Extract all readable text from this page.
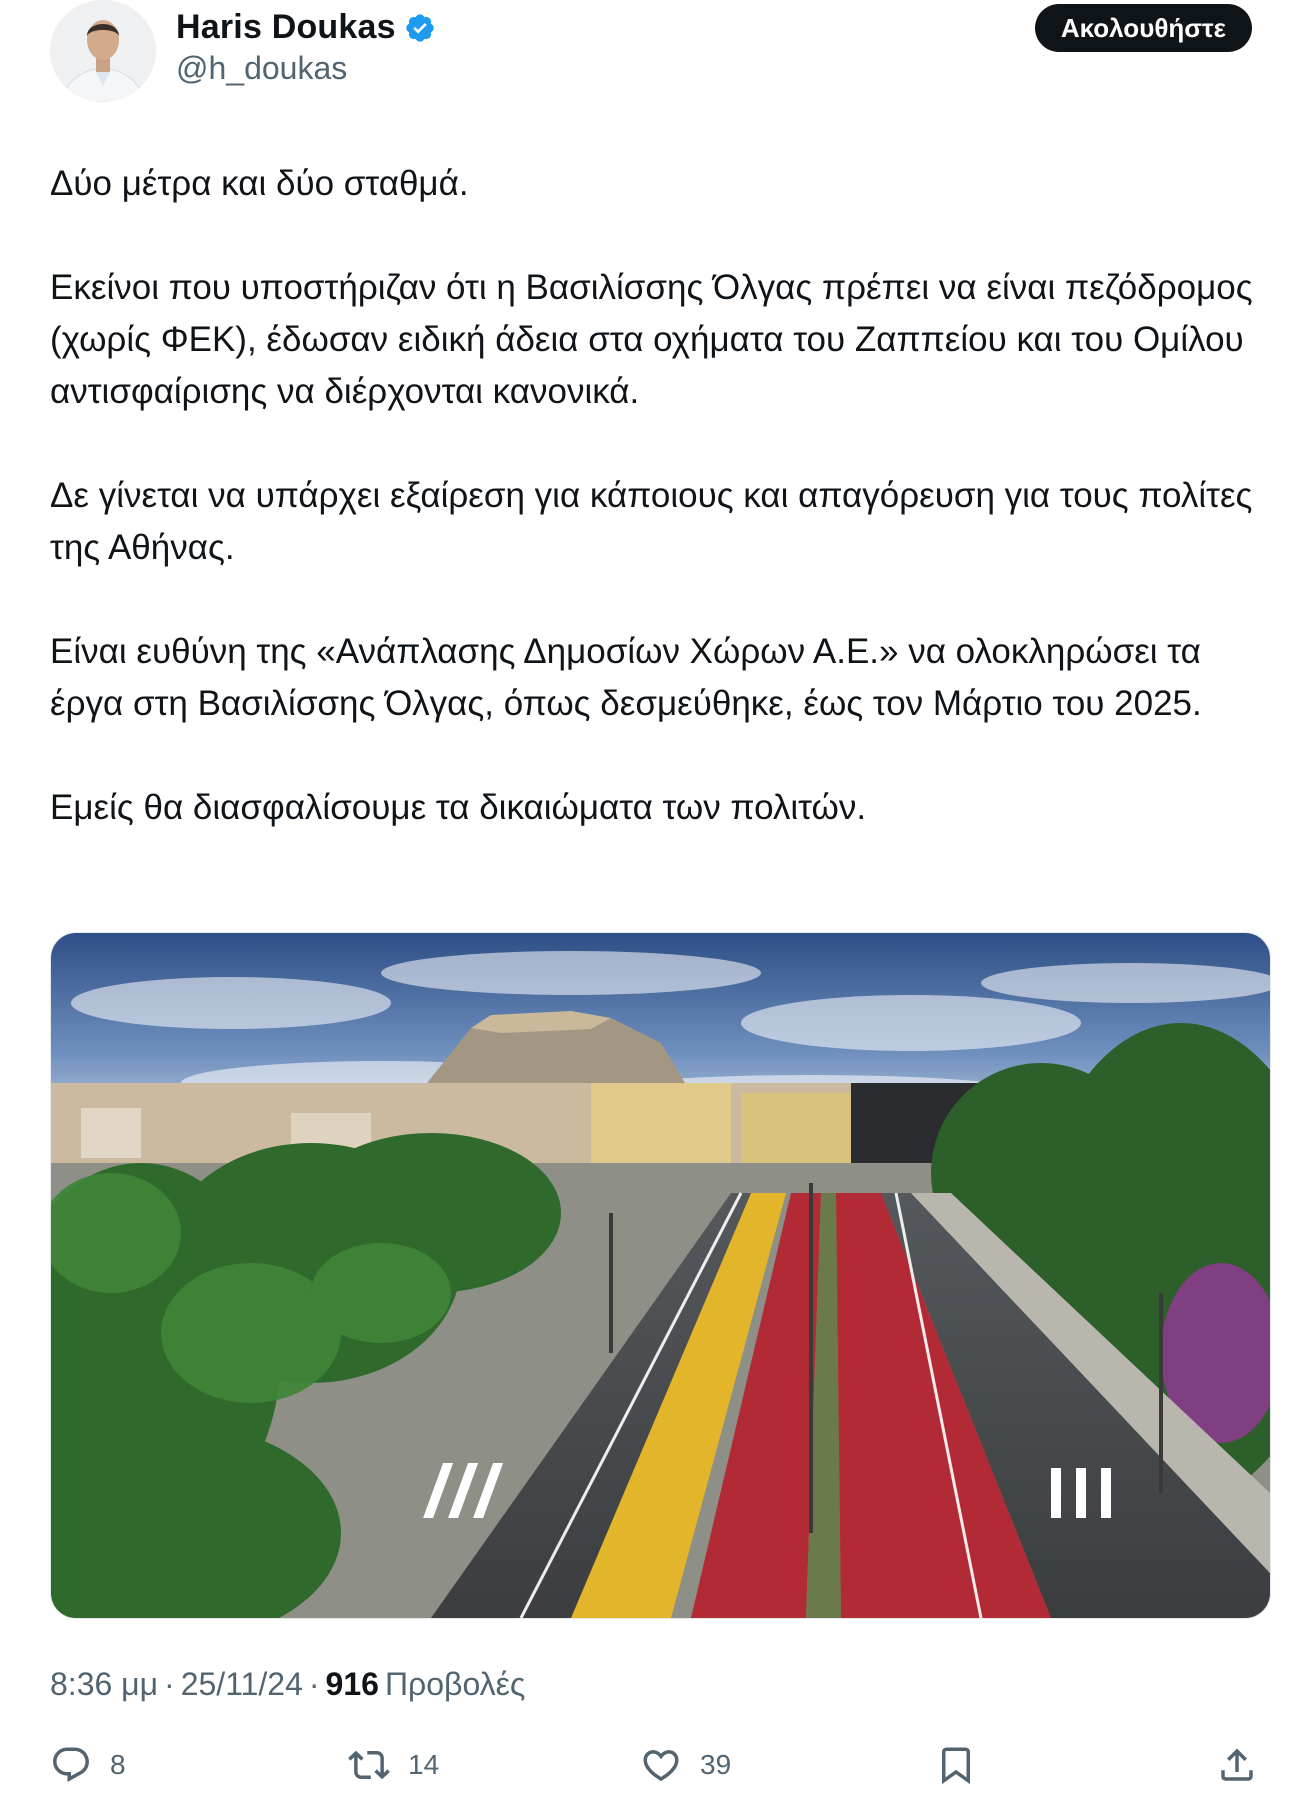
Haris Doukas
@h_doukas
Ακολουθήστε

Δύο μέτρα και δύο σταθμά.

Εκείνοι που υποστήριζαν ότι η Βασιλίσσης Όλγας πρέπει να είναι πεζόδρομος (χωρίς ΦΕΚ), έδωσαν ειδική άδεια στα οχήματα του Ζαππείου και του Ομίλου αντισφαίρισης να διέρχονται κανονικά.

Δε γίνεται να υπάρχει εξαίρεση για κάποιους και απαγόρευση για τους πολίτες της Αθήνας.

Είναι ευθύνη της «Ανάπλασης Δημοσίων Χώρων Α.Ε.» να ολοκληρώσει τα έργα στη Βασιλίσσης Όλγας, όπως δεσμεύθηκε, έως τον Μάρτιο του 2025.

Εμείς θα διασφαλίσουμε τα δικαιώματα των πολιτών.

8:36 μμ · 25/11/24 · 916 Προβολές
8	14	39
